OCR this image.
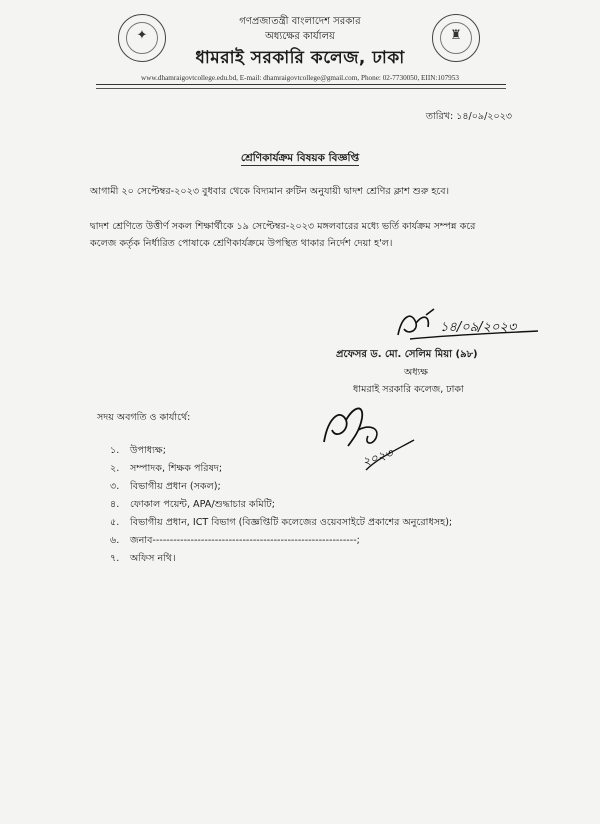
✦	♜
গণপ্রজাতন্ত্রী বাংলাদেশ সরকার
অধ্যক্ষের কার্যালয়
ধামরাই সরকারি কলেজ, ঢাকা
www.dhamraigovtcollege.edu.bd, E-mail: dhamraigovtcollege@gmail.com, Phone: 02-7730050, EIIN:107953
তারিখ: ১৪/০৯/২০২৩
শ্রেণিকার্যক্রম বিষয়ক বিজ্ঞপ্তি
আগামী ২০ সেপ্টেম্বর-২০২৩ বুধবার থেকে বিদ্যমান রুটিন অনুযায়ী দ্বাদশ শ্রেণির ক্লাশ শুরু হবে।
দ্বাদশ শ্রেণিতে উত্তীর্ণ সকল শিক্ষার্থীকে ১৯ সেপ্টেম্বর-২০২৩ মঙ্গলবারের মধ্যে ভর্তি কার্যক্রম সম্পন্ন করে
কলেজ কর্তৃক নির্ধারিত পোষাকে শ্রেণিকার্যক্রমে উপস্থিত থাকার নির্দেশ দেয়া হ'ল।
১৪/০৯/২০২৩
প্রফেসর ড. মো. সেলিম মিয়া (৯৮)
অধ্যক্ষ
ধামরাই সরকারি কলেজ, ঢাকা
সদয় অবগতি ও কার্যার্থে:
২০২৩
১. উপাধ্যক্ষ;
২. সম্পাদক, শিক্ষক পরিষদ;
৩. বিভাগীয় প্রধান (সকল);
৪. ফোকাল পয়েন্ট, APA/শুদ্ধাচার কমিটি;
৫. বিভাগীয় প্রধান, ICT বিভাগ (বিজ্ঞপ্তিটি কলেজের ওয়েবসাইটে প্রকাশের অনুরোধসহ);
৬. জনাব-----------------------------------------------------------;
৭. অফিস নথি।
